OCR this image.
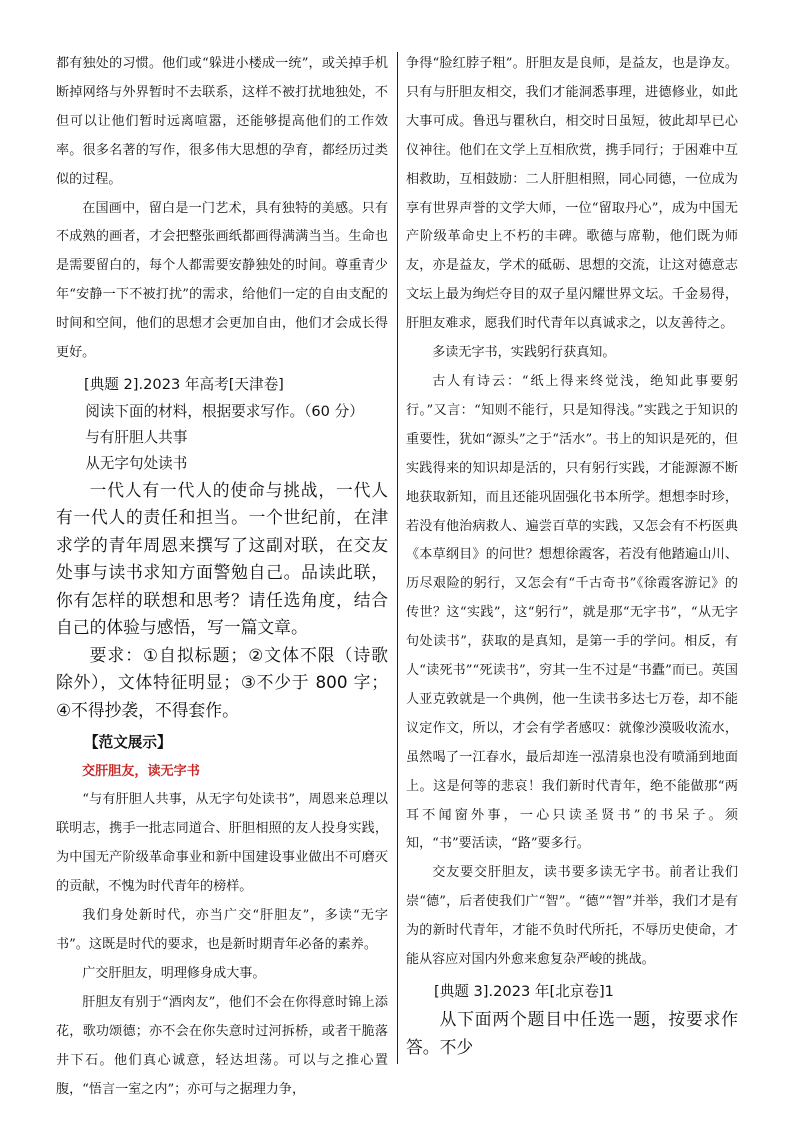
都有独处的习惯。他们或“躲进小楼成一统”，或关掉手机断掉网络与外界暂时不去联系，这样不被打扰地独处，不但可以让他们暂时远离喧嚣，还能够提高他们的工作效率。很多名著的写作，很多伟大思想的孕育，都经历过类似的过程。

在国画中，留白是一门艺术，具有独特的美感。只有不成熟的画者，才会把整张画纸都画得满满当当。生命也是需要留白的，每个人都需要安静独处的时间。尊重青少年“安静一下不被打扰”的需求，给他们一定的自由支配的时间和空间，他们的思想才会更加自由，他们才会成长得更好。

[典题 2].2023 年高考[天津卷]

阅读下面的材料，根据要求写作。（60 分）

与有肝胆人共事

从无字句处读书

一代人有一代人的使命与挑战，一代人有一代人的责任和担当。一个世纪前，在津求学的青年周恩来撰写了这副对联，在交友处事与读书求知方面警勉自己。品读此联，你有怎样的联想和思考？请任选角度，结合自己的体验与感悟，写一篇文章。

要求：①自拟标题；②文体不限（诗歌除外），文体特征明显；③不少于 800 字；④不得抄袭，不得套作。

【范文展示】

交肝胆友，读无字书

“与有肝胆人共事，从无字句处读书”，周恩来总理以联明志，携手一批志同道合、肝胆相照的友人投身实践，为中国无产阶级革命事业和新中国建设事业做出不可磨灭的贡献，不愧为时代青年的榜样。

我们身处新时代，亦当广交“肝胆友”，多读“无字书”。这既是时代的要求，也是新时期青年必备的素养。

广交肝胆友，明理修身成大事。

肝胆友有别于“酒肉友”，他们不会在你得意时锦上添花，歌功颂德；亦不会在你失意时过河拆桥，或者干脆落井下石。他们真心诚意，轻达坦荡。可以与之推心置腹，“悟言一室之内”；亦可与之据理力争，

争得“脸红脖子粗”。肝胆友是良师，是益友，也是诤友。只有与肝胆友相交，我们才能洞悉事理，进德修业，如此大事可成。鲁迅与瞿秋白，相交时日虽短，彼此却早已心仪神往。他们在文学上互相欣赏，携手同行；于困难中互相救助，互相鼓励：二人肝胆相照，同心同德，一位成为享有世界声誉的文学大师，一位“留取丹心”，成为中国无产阶级革命史上不朽的丰碑。歌德与席勒，他们既为师友，亦是益友，学术的砥砺、思想的交流，让这对德意志文坛上最为绚烂夺目的双子星闪耀世界文坛。千金易得，肝胆友难求，愿我们时代青年以真诚求之，以友善待之。

多读无字书，实践躬行获真知。

古人有诗云：“纸上得来终觉浅，绝知此事要躬行。”又言：“知则不能行，只是知得浅。”实践之于知识的重要性，犹如“源头”之于“活水”。书上的知识是死的，但实践得来的知识却是活的，只有躬行实践，才能源源不断地获取新知，而且还能巩固强化书本所学。想想李时珍，若没有他治病救人、遍尝百草的实践，又怎会有不朽医典《本草纲目》的问世？想想徐霞客，若没有他踏遍山川、历尽艰险的躬行，又怎会有“千古奇书”《徐霞客游记》的传世？这“实践”，这“躬行”，就是那“无字书”，“从无字句处读书”，获取的是真知，是第一手的学问。相反，有人“读死书”“死读书”，穷其一生不过是“书蠹”而已。英国人亚克敦就是一个典例，他一生读书多达七万卷，却不能议定作文，所以，才会有学者感叹：就像沙漠吸收流水，虽然喝了一江春水，最后却连一泓清泉也没有喷涌到地面上。这是何等的悲哀！我们新时代青年，绝不能做那“两耳不闻窗外事，一心只读圣贤书”的书呆子。须知，“书”要活读，“路”要多行。

交友要交肝胆友，读书要多读无字书。前者让我们崇“德”，后者使我们广“智”。“德”“智”并举，我们才是有为的新时代青年，才能不负时代所托，不辱历史使命，才能从容应对国内外愈来愈复杂严峻的挑战。

[典题 3].2023 年[北京卷]1

从下面两个题目中任选一题，按要求作答。不少
